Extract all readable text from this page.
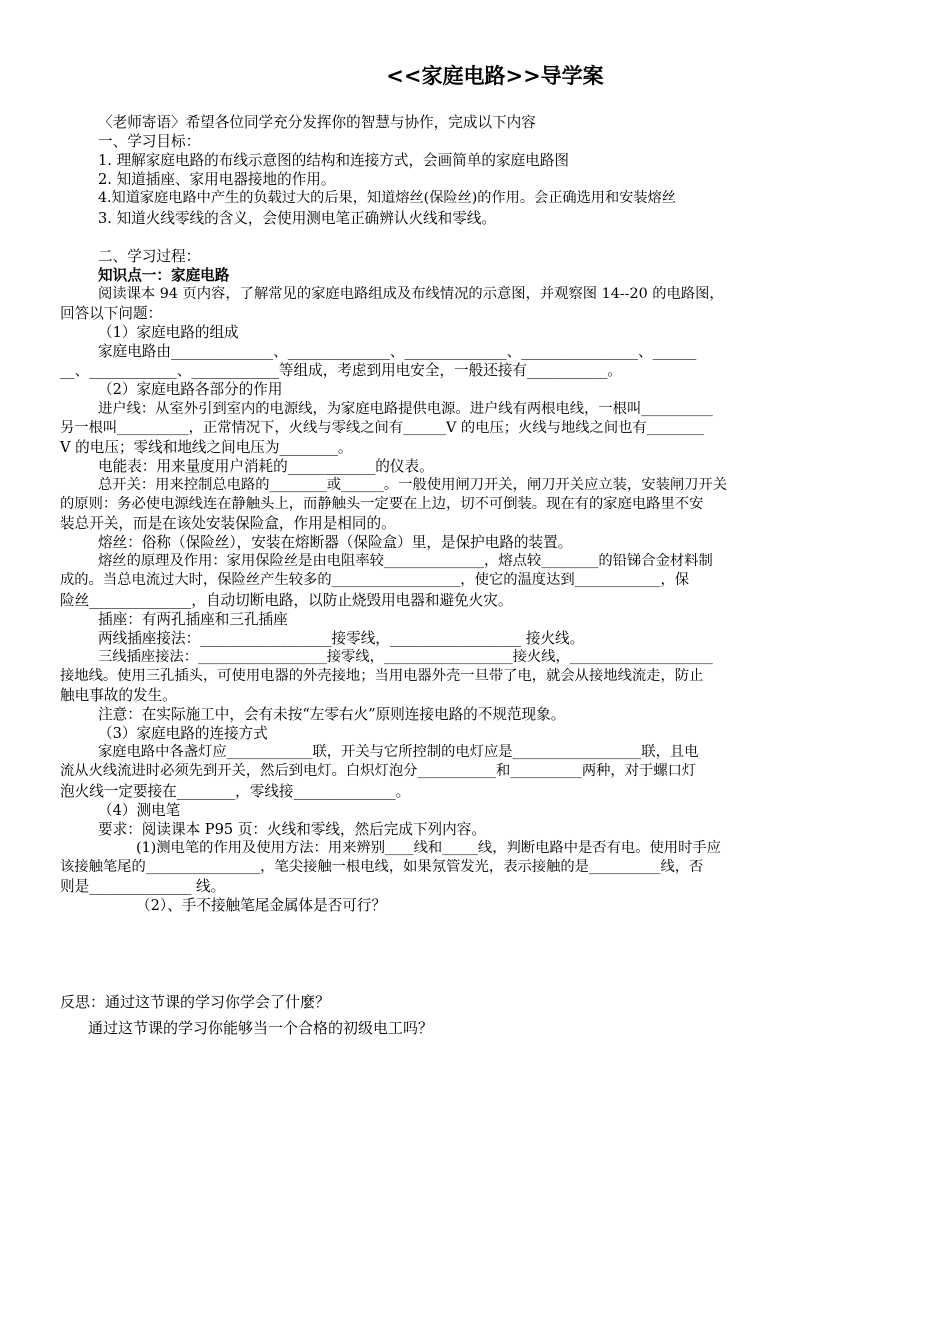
<<家庭电路>>导学案
〈老师寄语〉希望各位同学充分发挥你的智慧与协作，完成以下内容
一、学习目标：
1. 理解家庭电路的布线示意图的结构和连接方式，会画简单的家庭电路图
2. 知道插座、家用电器接地的作用。
4.知道家庭电路中产生的负载过大的后果，知道熔丝(保险丝)的作用。会正确选用和安装熔丝
3. 知道火线零线的含义，会使用测电笔正确辨认火线和零线。
二、学习过程：
知识点一：家庭电路
阅读课本 94 页内容，了解常见的家庭电路组成及布线情况的示意图，并观察图 14--20 的电路图，
回答以下问题：
（1）家庭电路的组成
家庭电路由______________、______________、______________、________________、______
__、____________、____________等组成，考虑到用电安全，一般还接有___________。
（2）家庭电路各部分的作用
进户线：从室外引到室内的电源线，为家庭电路提供电源。进户线有两根电线，一根叫__________
另一根叫__________，正常情况下，火线与零线之间有______V 的电压；火线与地线之间也有________
V 的电压；零线和地线之间电压为________。
电能表：用来量度用户消耗的____________的仪表。
总开关：用来控制总电路的________或______。一般使用闸刀开关，闸刀开关应立装，安装闸刀开关
的原则：务必使电源线连在静触头上，而静触头一定要在上边，切不可倒装。现在有的家庭电路里不安
装总开关，而是在该处安装保险盒，作用是相同的。
熔丝：俗称（保险丝），安装在熔断器（保险盒）里，是保护电路的装置。
熔丝的原理及作用：家用保险丝是由电阻率较______________，熔点较________的铅锑合金材料制
成的。当总电流过大时，保险丝产生较多的__________________，使它的温度达到____________，保
险丝______________，自动切断电路，以防止烧毁用电器和避免火灾。
插座：有两孔插座和三孔插座
两线插座接法：__________________接零线，__________________ 接火线。
三线插座接法：__________________接零线，__________________接火线，____________________
接地线。使用三孔插头，可使用电器的外壳接地；当用电器外壳一旦带了电，就会从接地线流走，防止
触电事故的发生。
注意：在实际施工中，会有未按“左零右火”原则连接电路的不规范现象。
（3）家庭电路的连接方式
家庭电路中各盏灯应____________联，开关与它所控制的电灯应是__________________联，且电
流从火线流进时必须先到开关，然后到电灯。白炽灯泡分___________和__________两种，对于螺口灯
泡火线一定要接在________，零线接______________。
（4）测电笔
要求：阅读课本 P95 页：火线和零线，然后完成下列内容。
(1)测电笔的作用及使用方法：用来辨别____线和_____线，判断电路中是否有电。使用时手应
该接触笔尾的________________，笔尖接触一根电线，如果氖管发光，表示接触的是__________线，否
则是______________ 线。
（2）、手不接触笔尾金属体是否可行？
反思：通过这节课的学习你学会了什麼？
通过这节课的学习你能够当一个合格的初级电工吗？
